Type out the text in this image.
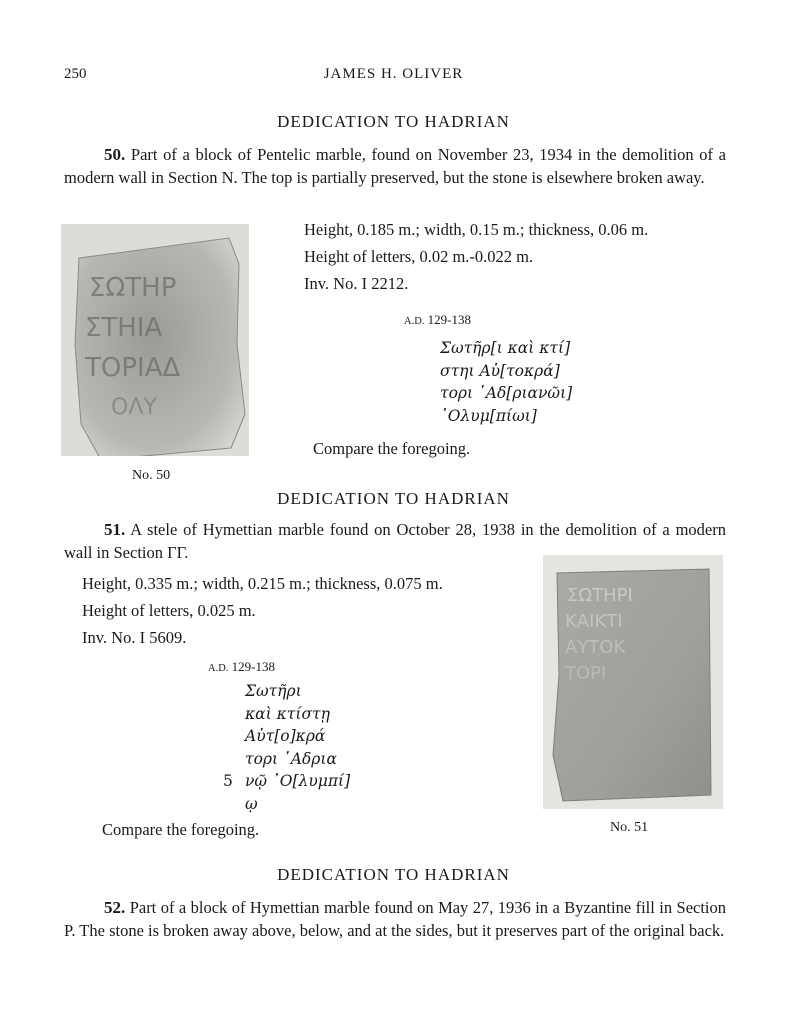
250	JAMES H. OLIVER
DEDICATION TO HADRIAN
50. Part of a block of Pentelic marble, found on November 23, 1934 in the demolition of a modern wall in Section N. The top is partially preserved, but the stone is elsewhere broken away.
ΣΩΤΗΡ
ΣΤΗΙΑ
ΤΟΡΙΑΔ
ΟΛΥ
No. 50
Height, 0.185 m.; width, 0.15 m.; thickness, 0.06 m.
Height of letters, 0.02 m.-0.022 m.
Inv. No. I 2212.
A.D. 129-138
Σωτῆρ[ι καὶ κτί]
στηι Αὐ[τοκρά]
τορι ῾Αδ[ριανῶι]
᾿Ολυμ[πίωι]
Compare the foregoing.
DEDICATION TO HADRIAN
51. A stele of Hymettian marble found on October 28, 1938 in the demolition of a modern wall in Section ΓΓ.
ΣΩΤΗΡΙ
ΚΑΙΚΤΙ
ΑΥΤΟΚ
ΤΟΡΙ
No. 51
Height, 0.335 m.; width, 0.215 m.; thickness, 0.075 m.
Height of letters, 0.025 m.
Inv. No. I 5609.
A.D. 129-138
Σωτῆρι
καὶ κτίστῃ
Αὐτ[ο]κρά
τορι ῾Αδρια
5 νῷ ᾿Ο[λυμπί]
ῳ
Compare the foregoing.
DEDICATION TO HADRIAN
52. Part of a block of Hymettian marble found on May 27, 1936 in a Byzantine fill in Section P. The stone is broken away above, below, and at the sides, but it preserves part of the original back.
